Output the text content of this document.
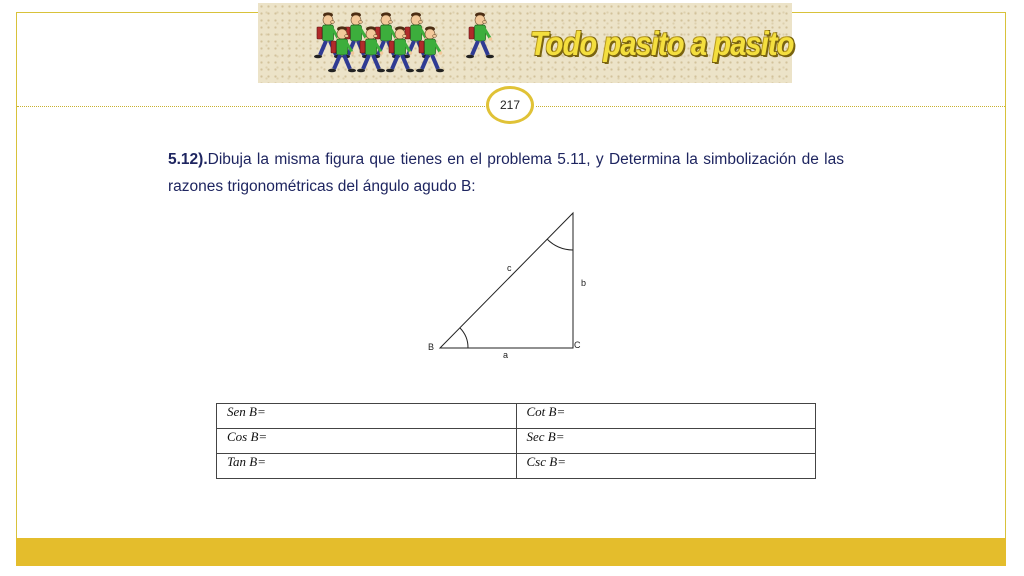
Todo pasito a pasito
217
5.12).Dibuja la misma figura que tienes en el problema 5.11, y Determina la simbolización de las razones trigonométricas del ángulo agudo B:
B	C
a
b
c
Sen B=	Cot B=
Cos B=	Sec B=
Tan B=	Csc B=
